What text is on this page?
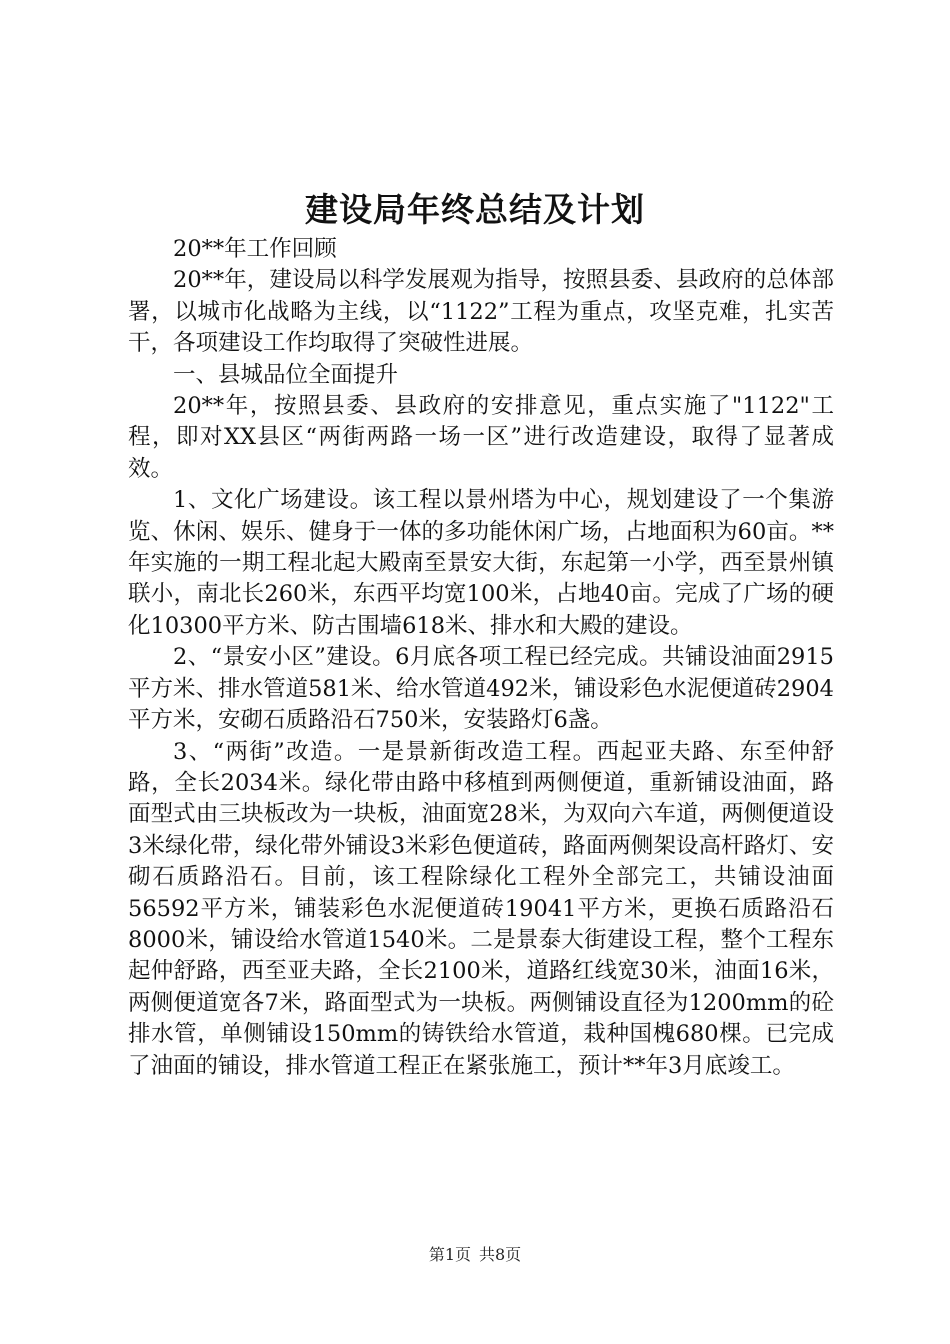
建设局年终总结及计划

20**年工作回顾

20**年，建设局以科学发展观为指导，按照县委、县政府的总体部署，以城市化战略为主线，以“1122”工程为重点，攻坚克难，扎实苦干，各项建设工作均取得了突破性进展。

一、县城品位全面提升

20**年，按照县委、县政府的安排意见，重点实施了"1122"工程，即对XX县区“两街两路一场一区”进行改造建设，取得了显著成效。

1、文化广场建设。该工程以景州塔为中心，规划建设了一个集游览、休闲、娱乐、健身于一体的多功能休闲广场，占地面积为60亩。**年实施的一期工程北起大殿南至景安大街，东起第一小学，西至景州镇联小，南北长260米，东西平均宽100米，占地40亩。完成了广场的硬化10300平方米、防古围墙618米、排水和大殿的建设。

2、“景安小区”建设。6月底各项工程已经完成。共铺设油面2915平方米、排水管道581米、给水管道492米，铺设彩色水泥便道砖2904平方米，安砌石质路沿石750米，安装路灯6盏。

3、“两街”改造。一是景新街改造工程。西起亚夫路、东至仲舒路，全长2034米。绿化带由路中移植到两侧便道，重新铺设油面，路面型式由三块板改为一块板，油面宽28米，为双向六车道，两侧便道设3米绿化带，绿化带外铺设3米彩色便道砖，路面两侧架设高杆路灯、安砌石质路沿石。目前，该工程除绿化工程外全部完工，共铺设油面56592平方米，铺装彩色水泥便道砖19041平方米，更换石质路沿石8000米，铺设给水管道1540米。二是景泰大街建设工程，整个工程东起仲舒路，西至亚夫路，全长2100米，道路红线宽30米，油面16米，两侧便道宽各7米，路面型式为一块板。两侧铺设直径为1200mm的砼排水管，单侧铺设150mm的铸铁给水管道，栽种国槐680棵。已完成了油面的铺设，排水管道工程正在紧张施工，预计**年3月底竣工。

第1页 共8页
